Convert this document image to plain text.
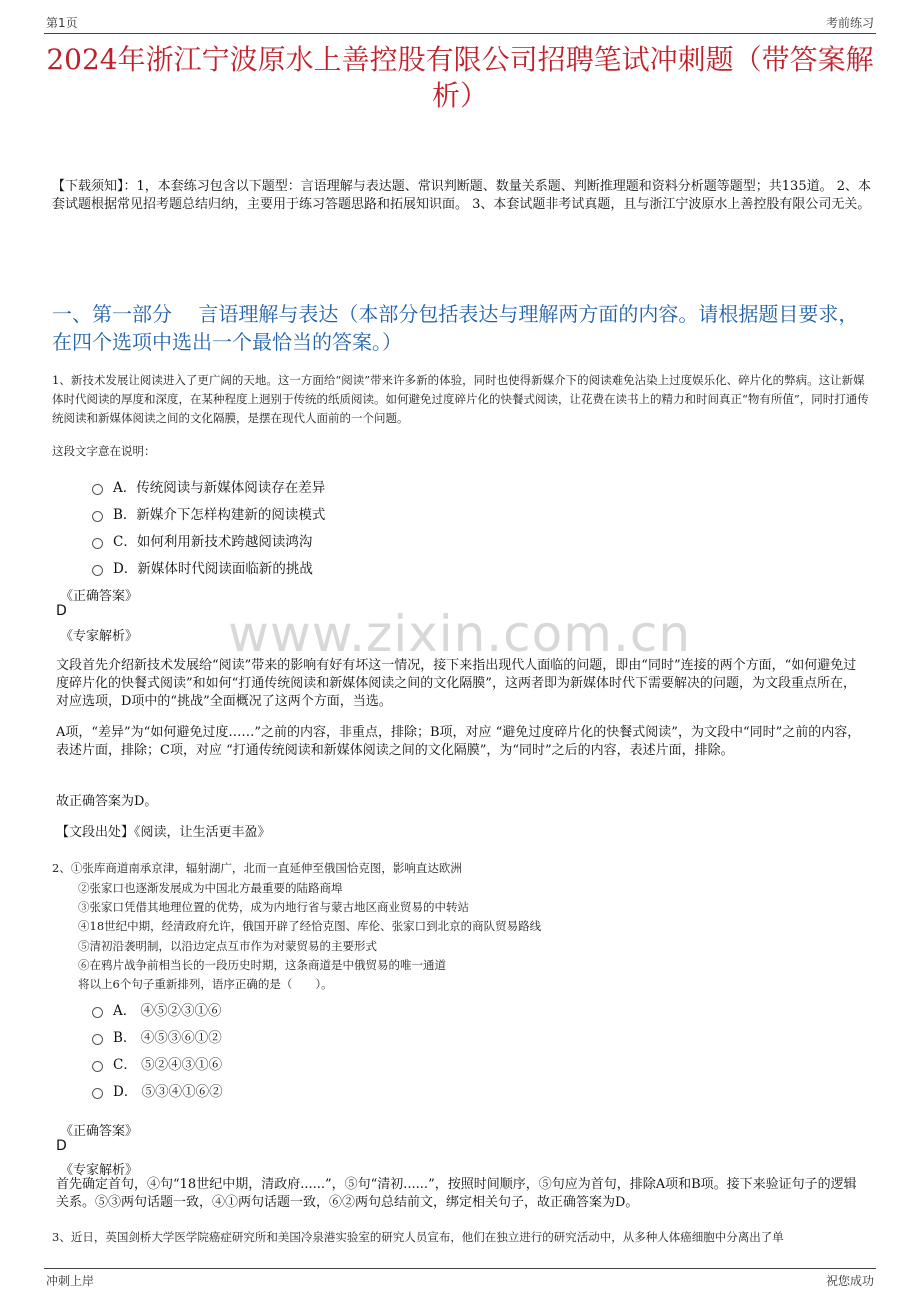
第1页	考前练习
2024年浙江宁波原水上善控股有限公司招聘笔试冲刺题（带答案解析）
【下载须知】：1，本套练习包含以下题型：言语理解与表达题、常识判断题、数量关系题、判断推理题和资料分析题等题型；共135道。 2、本套试题根据常见招考题总结归纳，主要用于练习答题思路和拓展知识面。 3、本套试题非考试真题，且与浙江宁波原水上善控股有限公司无关。
一、第一部分　 言语理解与表达（本部分包括表达与理解两方面的内容。请根据题目要求，在四个选项中选出一个最恰当的答案。）
www.zixin.com.cn
1、新技术发展让阅读进入了更广阔的天地。这一方面给“阅读”带来许多新的体验，同时也使得新媒介下的阅读难免沾染上过度娱乐化、碎片化的弊病。这让新媒体时代阅读的厚度和深度，在某种程度上迥别于传统的纸质阅读。如何避免过度碎片化的快餐式阅读，让花费在读书上的精力和时间真正“物有所值”，同时打通传统阅读和新媒体阅读之间的文化隔膜，是摆在现代人面前的一个问题。
这段文字意在说明：
A．传统阅读与新媒体阅读存在差异
B．新媒介下怎样构建新的阅读模式
C．如何利用新技术跨越阅读鸿沟
D．新媒体时代阅读面临新的挑战
《正确答案》
D
《专家解析》
文段首先介绍新技术发展给“阅读”带来的影响有好有坏这一情况，接下来指出现代人面临的问题，即由“同时”连接的两个方面，“如何避免过度碎片化的快餐式阅读”和如何“打通传统阅读和新媒体阅读之间的文化隔膜”，这两者即为新媒体时代下需要解决的问题，为文段重点所在，对应选项，D项中的“挑战”全面概况了这两个方面，当选。
A项，“差异”为“如何避免过度……”之前的内容，非重点，排除；B项，对应 “避免过度碎片化的快餐式阅读”，为文段中“同时”之前的内容，表述片面，排除；C项，对应 “打通传统阅读和新媒体阅读之间的文化隔膜”，为“同时”之后的内容，表述片面，排除。
故正确答案为D。
【文段出处】《阅读，让生活更丰盈》
2、①张库商道南承京津，辐射湖广，北而一直延伸至俄国恰克图，影响直达欧洲
②张家口也逐渐发展成为中国北方最重要的陆路商埠
③张家口凭借其地理位置的优势，成为内地行省与蒙古地区商业贸易的中转站
④18世纪中期，经清政府允许，俄国开辟了经恰克图、库伦、张家口到北京的商队贸易路线
⑤清初沿袭明制，以沿边定点互市作为对蒙贸易的主要形式
⑥在鸦片战争前相当长的一段历史时期，这条商道是中俄贸易的唯一通道
将以上6个句子重新排列，语序正确的是（　　）。
A． ④⑤②③①⑥
B． ④⑤③⑥①②
C． ⑤②④③①⑥
D． ⑤③④①⑥②
《正确答案》
D
《专家解析》
首先确定首句，④句“18世纪中期，清政府......”，⑤句“清初......”，按照时间顺序，⑤句应为首句，排除A项和B项。接下来验证句子的逻辑关系。⑤③两句话题一致，④①两句话题一致，⑥②两句总结前文，绑定相关句子，故正确答案为D。
3、近日，英国剑桥大学医学院癌症研究所和美国冷泉港实验室的研究人员宣布，他们在独立进行的研究活动中，从多种人体癌细胞中分离出了单
冲刺上岸	祝您成功
